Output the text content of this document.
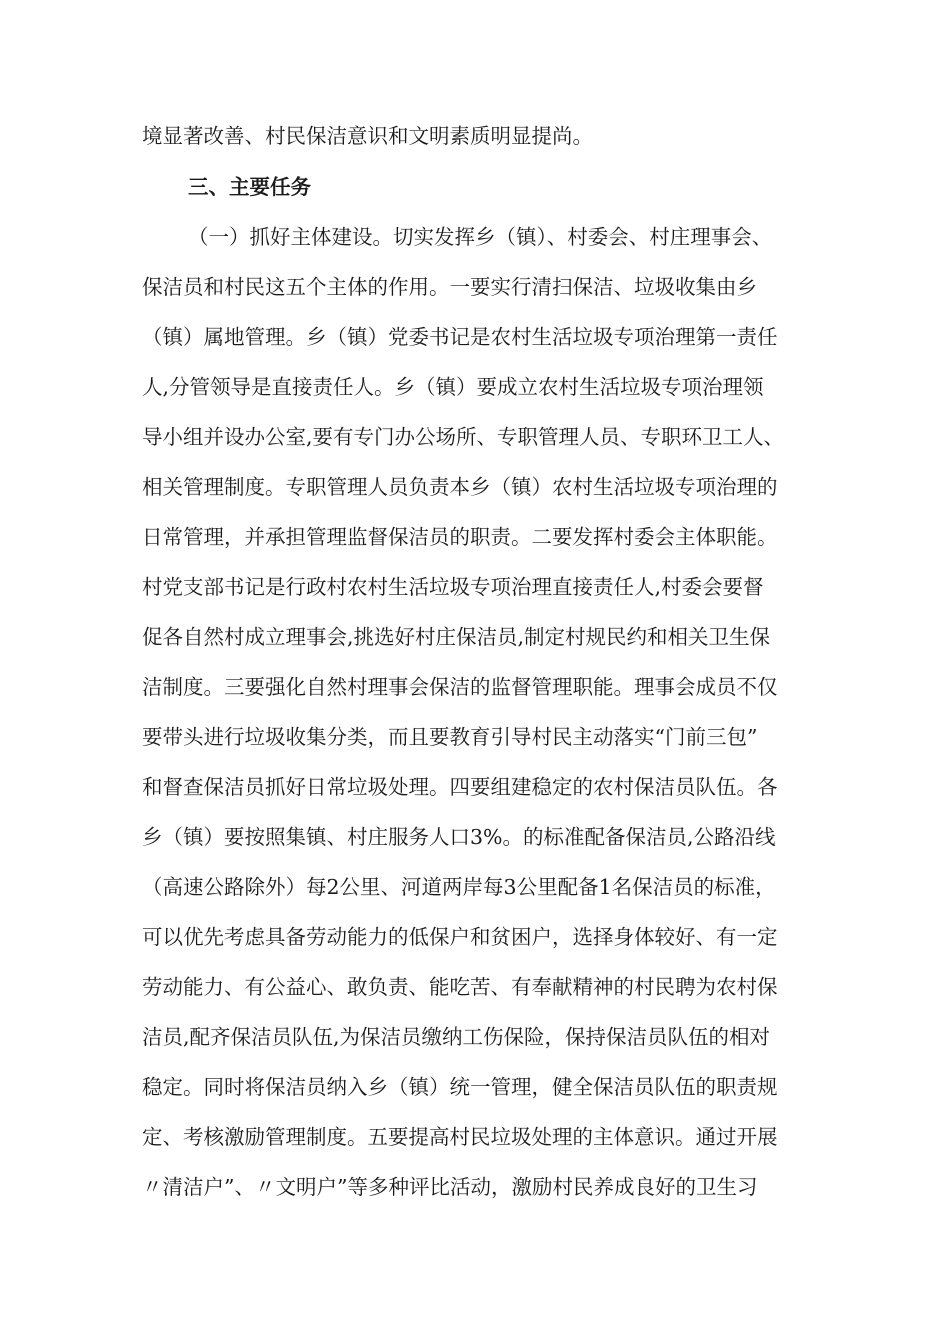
境显著改善、村民保洁意识和文明素质明显提尚。
三、主要任务
（一）抓好主体建设。切实发挥乡（镇）、村委会、村庄理事会、
保洁员和村民这五个主体的作用。一要实行清扫保洁、垃圾收集由乡
（镇）属地管理。乡（镇）党委书记是农村生活垃圾专项治理第一责任
人,分管领导是直接责任人。乡（镇）要成立农村生活垃圾专项治理领
导小组并设办公室,要有专门办公场所、专职管理人员、专职环卫工人、
相关管理制度。专职管理人员负责本乡（镇）农村生活垃圾专项治理的
日常管理，并承担管理监督保洁员的职责。二要发挥村委会主体职能。
村党支部书记是行政村农村生活垃圾专项治理直接责任人,村委会要督
促各自然村成立理事会,挑选好村庄保洁员,制定村规民约和相关卫生保
洁制度。三要强化自然村理事会保洁的监督管理职能。理事会成员不仅
要带头进行垃圾收集分类，而且要教育引导村民主动落实“门前三包”
和督查保洁员抓好日常垃圾处理。四要组建稳定的农村保洁员队伍。各
乡（镇）要按照集镇、村庄服务人口3%。的标准配备保洁员,公路沿线
（高速公路除外）每2公里、河道两岸每3公里配备1名保洁员的标准，
可以优先考虑具备劳动能力的低保户和贫困户，选择身体较好、有一定
劳动能力、有公益心、敢负责、能吃苦、有奉献精神的村民聘为农村保
洁员,配齐保洁员队伍,为保洁员缴纳工伤保险，保持保洁员队伍的相对
稳定。同时将保洁员纳入乡（镇）统一管理，健全保洁员队伍的职责规
定、考核激励管理制度。五要提高村民垃圾处理的主体意识。通过开展
〃清洁户”、〃文明户”等多种评比活动，激励村民养成良好的卫生习
